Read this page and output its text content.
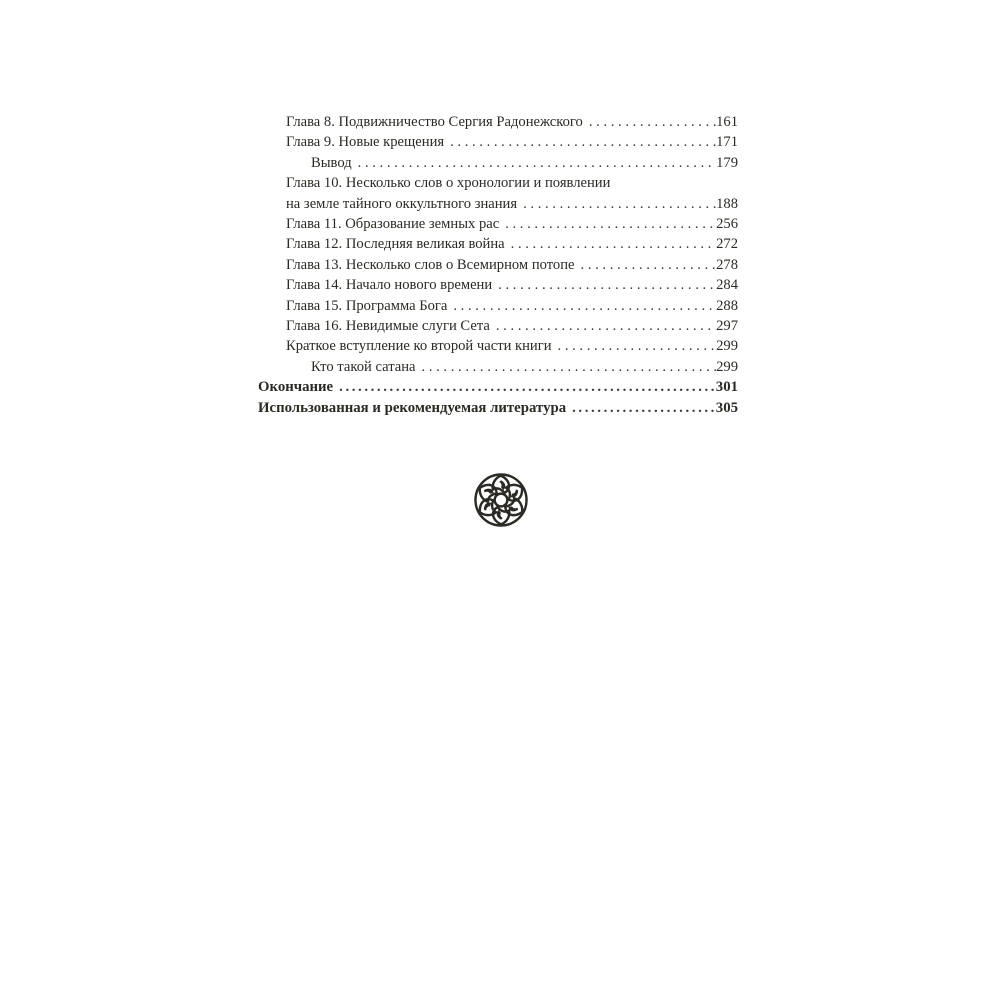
Глава 8. Подвижничество Сергия Радонежского . . .	161
Глава 9. Новые крещения . . .	171
Вывод . . .	179
Глава 10. Несколько слов о хронологии и появлении
на земле тайного оккультного знания . . .	188
Глава 11. Образование земных рас . . .	256
Глава 12. Последняя великая война . . .	272
Глава 13. Несколько слов о Всемирном потопе . . .	278
Глава 14. Начало нового времени . . .	284
Глава 15. Программа Бога . . .	288
Глава 16. Невидимые слуги Сета . . .	297
Краткое вступление ко второй части книги . . .	299
Кто такой сатана . . .	299
Окончание .....	301
Использованная и рекомендуемая литература .....	305
